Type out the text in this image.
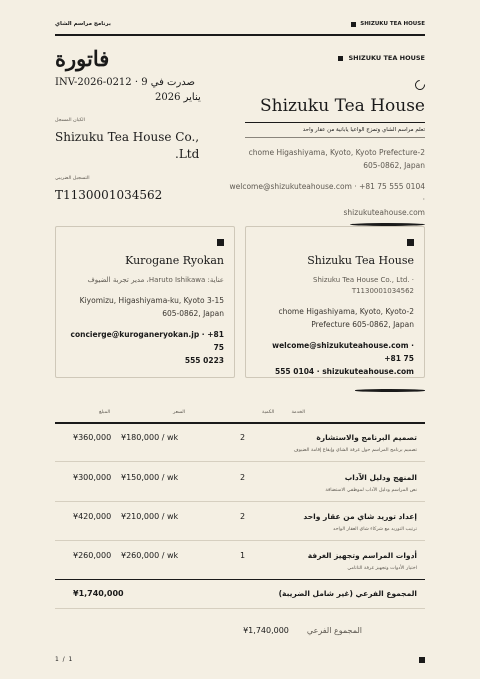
برنامج مراسم الشاي	SHIZUKU TEA HOUSE
فاتورة
INV-2026-0212 · صدرت في 9
يناير 2026
الكيان المسجل
Shizuku Tea House Co.,
.Ltd
التسجيل الضريبي
T1130001034562
SHIZUKU TEA HOUSE
Shizuku Tea House
تعلم مراسم الشاي وتمزج الواعيا يابانية من عقار واحد
chome Higashiyama, Kyoto, Kyoto Prefecture-2
605-0862, Japan
welcome@shizukuteahouse.com · +81 75 555 0104 ·
shizukuteahouse.com
Kurogane Ryokan
عناية: Haruto Ishikawa، مدير تجربة الضيوف
Kiyomizu, Higashiyama-ku, Kyoto 3-15
605-0862, Japan
concierge@kuroganeryokan.jp · +81 75
555 0223
Shizuku Tea House
Shizuku Tea House Co., Ltd. ·
T1130001034562
chome Higashiyama, Kyoto, Kyoto-2
Prefecture 605-0862, Japan
welcome@shizukuteahouse.com · +81 75
555 0104 · shizukuteahouse.com
الخدمة
الكمية
السعر
المبلغ
تصميم البرنامج والاستشارة
تصميم برنامج المراسم حول غرفة الشاي وإيقاع إقامة الضيوف
2
¥180,000 / wk
¥360,000
المنهج ودليل الآداب
نص المراسم ودليل الآداب لموظفي الاستضافة
2
¥150,000 / wk
¥300,000
إعداد توريد شاي من عقار واحد
ترتيب التوريد مع شركاء شاي العقار الواحد
2
¥210,000 / wk
¥420,000
أدوات المراسم وتجهيز الغرفة
اختيار الأدوات وتجهيز غرفة التاتامي
1
¥260,000 / wk
¥260,000
المجموع الفرعي (غير شامل الضريبة)
¥1,740,000
¥1,740,000 المجموع الفرعي
1  /  1
